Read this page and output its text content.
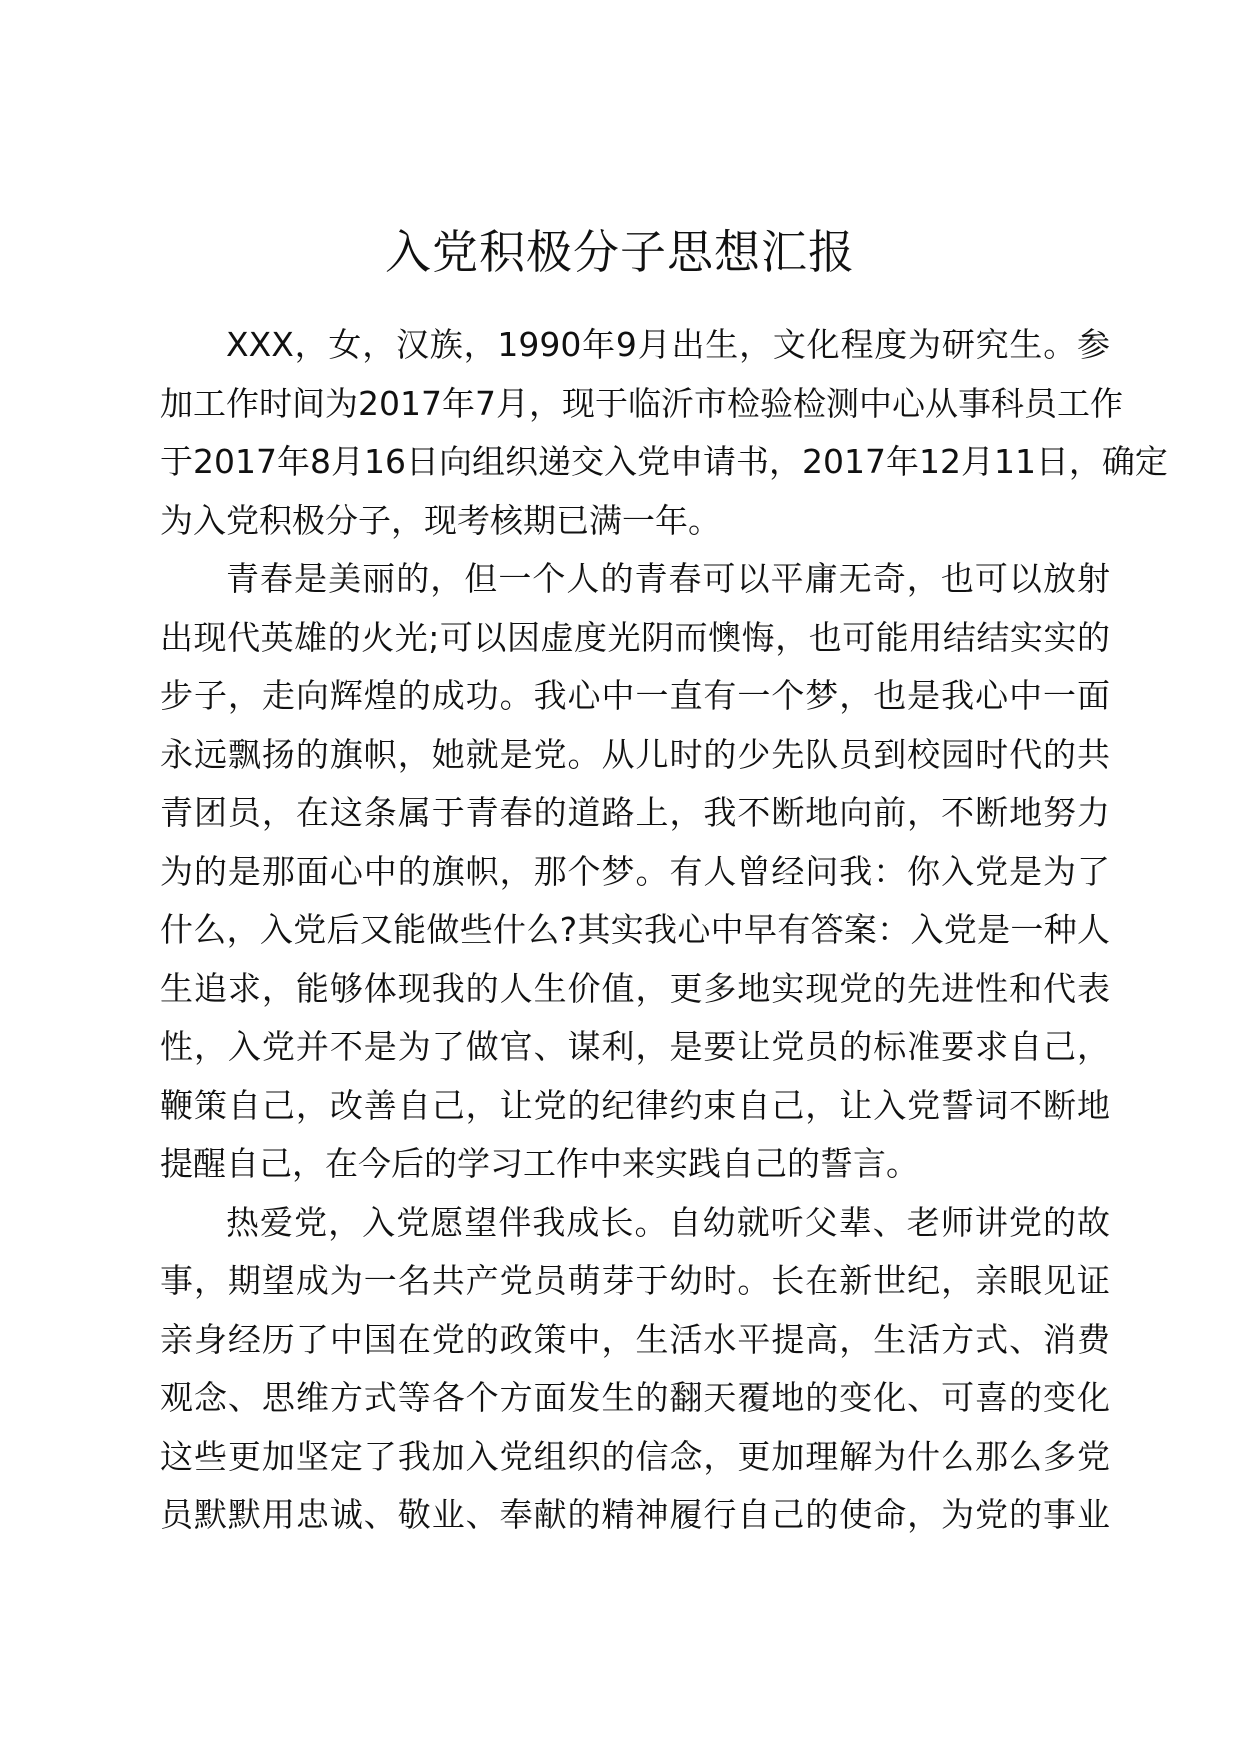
入党积极分子思想汇报
XXX，女，汉族，1990年9月出生，文化程度为研究生。参
加工作时间为2017年7月，现于临沂市检验检测中心从事科员工作
于2017年8月16日向组织递交入党申请书，2017年12月11日，确定
为入党积极分子，现考核期已满一年。
青春是美丽的，但一个人的青春可以平庸无奇，也可以放射
出现代英雄的火光;可以因虚度光阴而懊悔，也可能用结结实实的
步子，走向辉煌的成功。我心中一直有一个梦，也是我心中一面
永远飘扬的旗帜，她就是党。从儿时的少先队员到校园时代的共
青团员，在这条属于青春的道路上，我不断地向前，不断地努力
为的是那面心中的旗帜，那个梦。有人曾经问我：你入党是为了
什么，入党后又能做些什么?其实我心中早有答案：入党是一种人
生追求，能够体现我的人生价值，更多地实现党的先进性和代表
性，入党并不是为了做官、谋利，是要让党员的标准要求自己，
鞭策自己，改善自己，让党的纪律约束自己，让入党誓词不断地
提醒自己，在今后的学习工作中来实践自己的誓言。
热爱党，入党愿望伴我成长。自幼就听父辈、老师讲党的故
事，期望成为一名共产党员萌芽于幼时。长在新世纪，亲眼见证
亲身经历了中国在党的政策中，生活水平提高，生活方式、消费
观念、思维方式等各个方面发生的翻天覆地的变化、可喜的变化
这些更加坚定了我加入党组织的信念，更加理解为什么那么多党
员默默用忠诚、敬业、奉献的精神履行自己的使命，为党的事业
